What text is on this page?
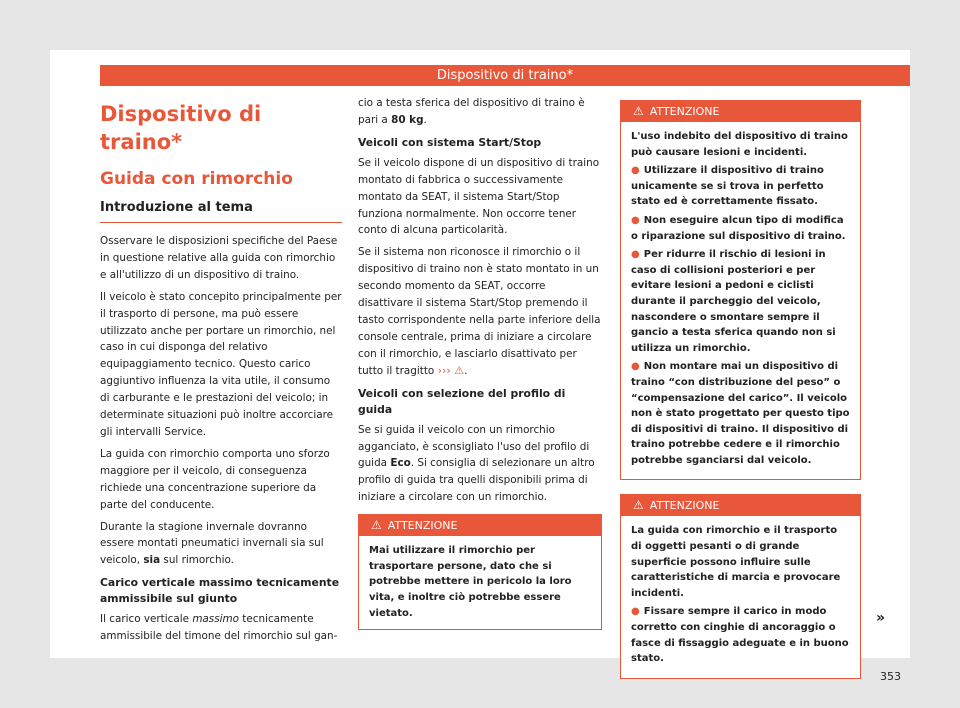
Dispositivo di traino*
Dispositivo di traino*
Guida con rimorchio
Introduzione al tema

Osservare le disposizioni specifiche del Paese in questione relative alla guida con rimorchio e all'utilizzo di un dispositivo di traino.

Il veicolo è stato concepito principalmente per il trasporto di persone, ma può essere utilizzato anche per portare un rimorchio, nel caso in cui disponga del relativo equipaggiamento tecnico. Questo carico aggiuntivo influenza la vita utile, il consumo di carburante e le prestazioni del veicolo; in determinate situazioni può inoltre accorciare gli intervalli Service.

La guida con rimorchio comporta uno sforzo maggiore per il veicolo, di conseguenza richiede una concentrazione superiore da parte del conducente.

Durante la stagione invernale dovranno essere montati pneumatici invernali sia sul veicolo, sia sul rimorchio.

Carico verticale massimo tecnicamente ammissibile sul giunto

Il carico verticale massimo tecnicamente ammissibile del timone del rimorchio sul gan-

cio a testa sferica del dispositivo di traino è pari a 80 kg.

Veicoli con sistema Start/Stop

Se il veicolo dispone di un dispositivo di traino montato di fabbrica o successivamente montato da SEAT, il sistema Start/Stop funziona normalmente. Non occorre tener conto di alcuna particolarità.

Se il sistema non riconosce il rimorchio o il dispositivo di traino non è stato montato in un secondo momento da SEAT, occorre disattivare il sistema Start/Stop premendo il tasto corrispondente nella parte inferiore della console centrale, prima di iniziare a circolare con il rimorchio, e lasciarlo disattivato per tutto il tragitto ››› ⚠.

Veicoli con selezione del profilo di guida

Se si guida il veicolo con un rimorchio agganciato, è sconsigliato l'uso del profilo di guida Eco. Si consiglia di selezionare un altro profilo di guida tra quelli disponibili prima di iniziare a circolare con un rimorchio.

⚠ ATTENZIONE
Mai utilizzare il rimorchio per trasportare persone, dato che si potrebbe mettere in pericolo la loro vita, e inoltre ciò potrebbe essere vietato.
⚠ ATTENZIONE
L'uso indebito del dispositivo di traino può causare lesioni e incidenti.
● Utilizzare il dispositivo di traino unicamente se si trova in perfetto stato ed è correttamente fissato.
● Non eseguire alcun tipo di modifica o riparazione sul dispositivo di traino.
● Per ridurre il rischio di lesioni in caso di collisioni posteriori e per evitare lesioni a pedoni e ciclisti durante il parcheggio del veicolo, nascondere o smontare sempre il gancio a testa sferica quando non si utilizza un rimorchio.
● Non montare mai un dispositivo di traino “con distribuzione del peso” o “compensazione del carico”. Il veicolo non è stato progettato per questo tipo di dispositivi di traino. Il dispositivo di traino potrebbe cedere e il rimorchio potrebbe sganciarsi dal veicolo.
⚠ ATTENZIONE
La guida con rimorchio e il trasporto di oggetti pesanti o di grande superficie possono influire sulle caratteristiche di marcia e provocare incidenti.
● Fissare sempre il carico in modo corretto con cinghie di ancoraggio o fasce di fissaggio adeguate e in buono stato.
»
353
